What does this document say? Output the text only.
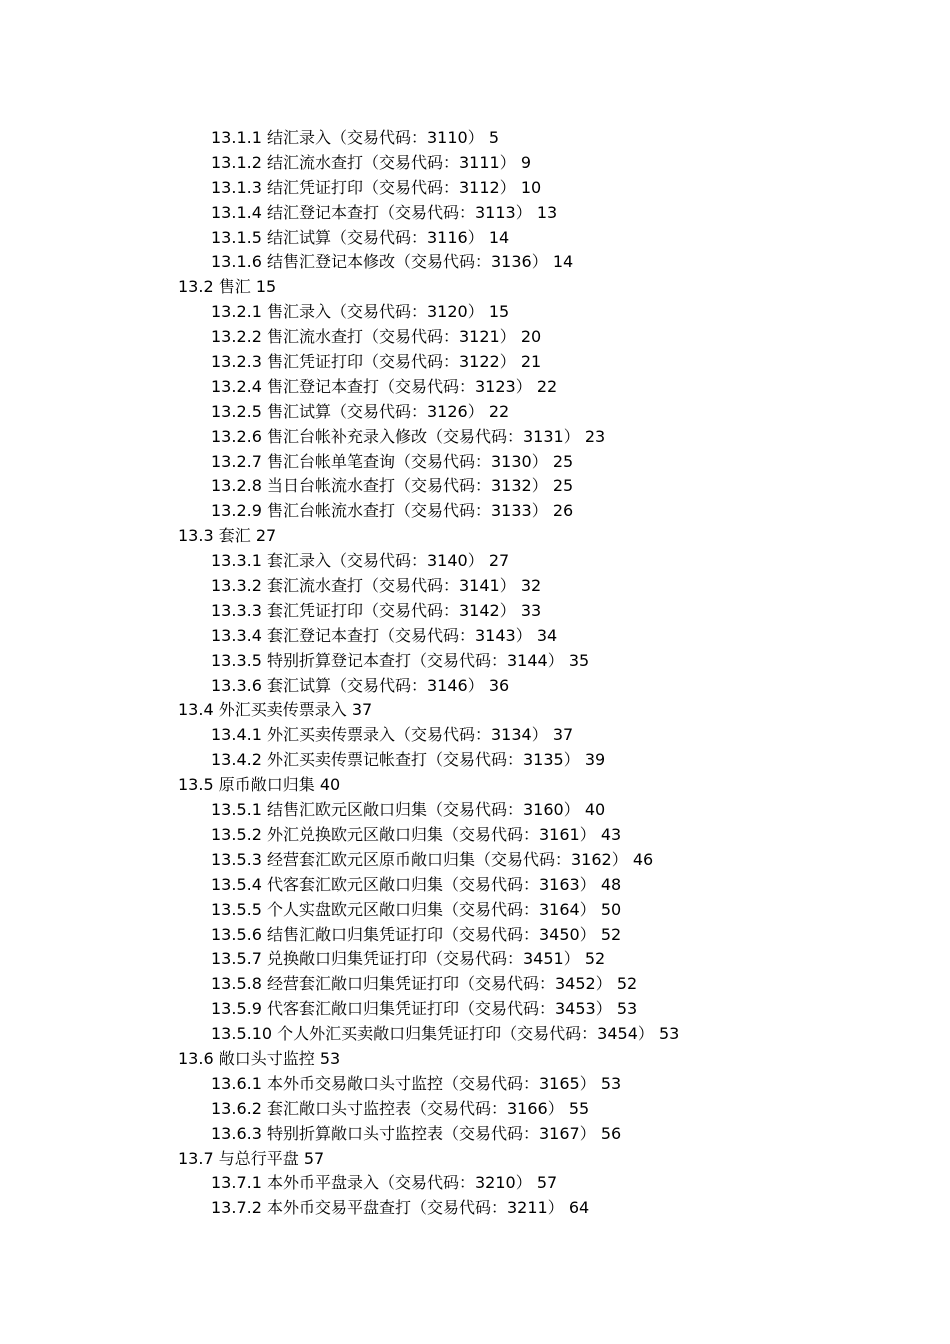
13.1.1 结汇录入（交易代码：3110） 5
13.1.2 结汇流水查打（交易代码：3111） 9
13.1.3 结汇凭证打印（交易代码：3112） 10
13.1.4 结汇登记本查打（交易代码：3113） 13
13.1.5 结汇试算（交易代码：3116） 14
13.1.6 结售汇登记本修改（交易代码：3136） 14
13.2 售汇 15
13.2.1 售汇录入（交易代码：3120） 15
13.2.2 售汇流水查打（交易代码：3121） 20
13.2.3 售汇凭证打印（交易代码：3122） 21
13.2.4 售汇登记本查打（交易代码：3123） 22
13.2.5 售汇试算（交易代码：3126） 22
13.2.6 售汇台帐补充录入修改（交易代码：3131） 23
13.2.7 售汇台帐单笔查询（交易代码：3130） 25
13.2.8 当日台帐流水查打（交易代码：3132） 25
13.2.9 售汇台帐流水查打（交易代码：3133） 26
13.3 套汇 27
13.3.1 套汇录入（交易代码：3140） 27
13.3.2 套汇流水查打（交易代码：3141） 32
13.3.3 套汇凭证打印（交易代码：3142） 33
13.3.4 套汇登记本查打（交易代码：3143） 34
13.3.5 特别折算登记本查打（交易代码：3144） 35
13.3.6 套汇试算（交易代码：3146） 36
13.4 外汇买卖传票录入 37
13.4.1 外汇买卖传票录入（交易代码：3134） 37
13.4.2 外汇买卖传票记帐查打（交易代码：3135） 39
13.5 原币敞口归集 40
13.5.1 结售汇欧元区敞口归集（交易代码：3160） 40
13.5.2 外汇兑换欧元区敞口归集（交易代码：3161） 43
13.5.3 经营套汇欧元区原币敞口归集（交易代码：3162） 46
13.5.4 代客套汇欧元区敞口归集（交易代码：3163） 48
13.5.5 个人实盘欧元区敞口归集（交易代码：3164） 50
13.5.6 结售汇敞口归集凭证打印（交易代码：3450） 52
13.5.7 兑换敞口归集凭证打印（交易代码：3451） 52
13.5.8 经营套汇敞口归集凭证打印（交易代码：3452） 52
13.5.9 代客套汇敞口归集凭证打印（交易代码：3453） 53
13.5.10 个人外汇买卖敞口归集凭证打印（交易代码：3454） 53
13.6 敞口头寸监控 53
13.6.1 本外币交易敞口头寸监控（交易代码：3165） 53
13.6.2 套汇敞口头寸监控表（交易代码：3166） 55
13.6.3 特别折算敞口头寸监控表（交易代码：3167） 56
13.7 与总行平盘 57
13.7.1 本外币平盘录入（交易代码：3210） 57
13.7.2 本外币交易平盘查打（交易代码：3211） 64
